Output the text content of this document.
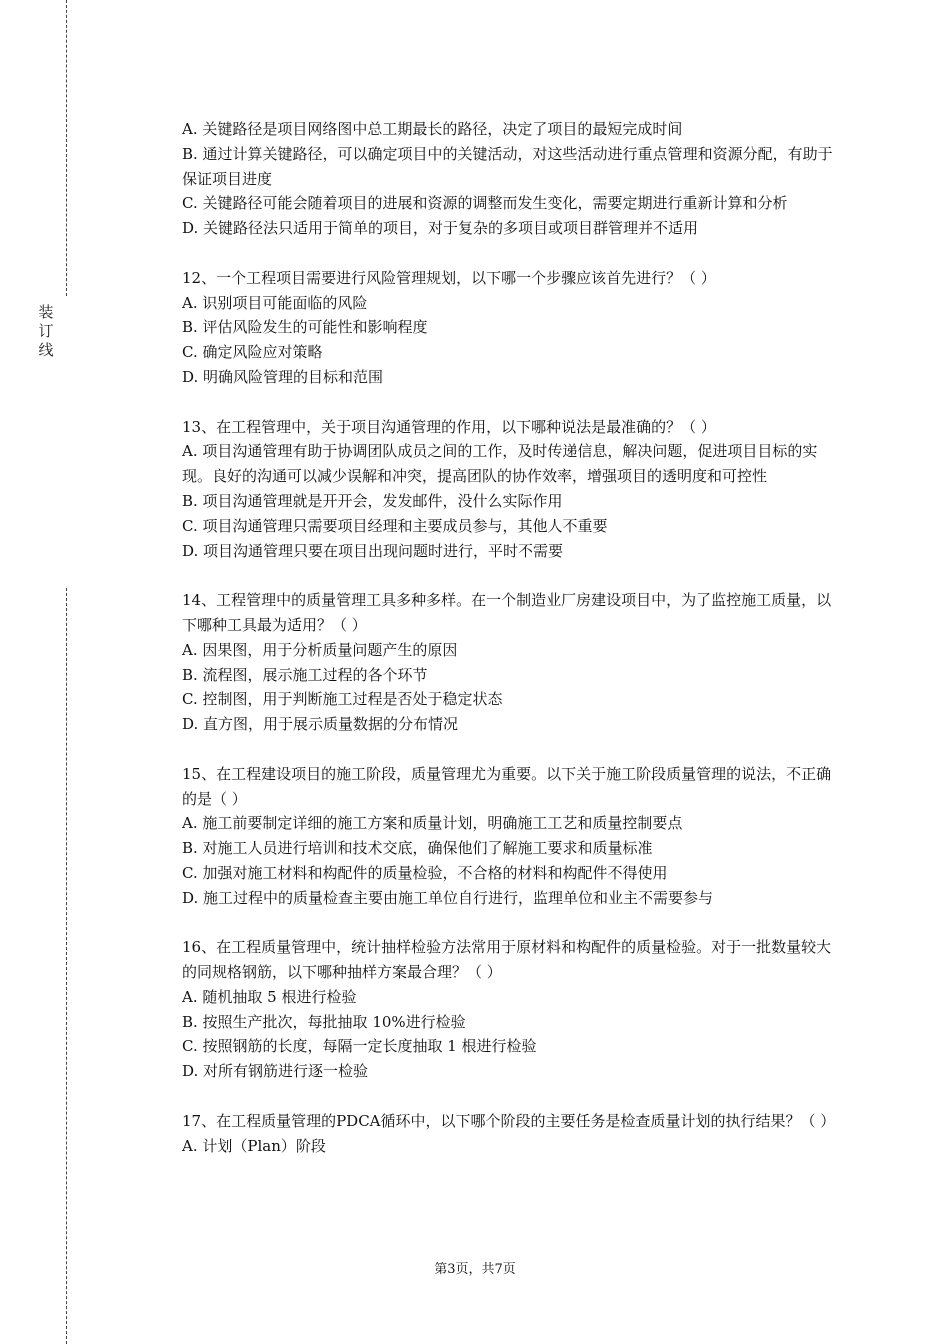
装
订
线

A. 关键路径是项目网络图中总工期最长的路径，决定了项目的最短完成时间

B. 通过计算关键路径，可以确定项目中的关键活动，对这些活动进行重点管理和资源分配，有助于保证项目进度

C. 关键路径可能会随着项目的进展和资源的调整而发生变化，需要定期进行重新计算和分析

D. 关键路径法只适用于简单的项目，对于复杂的多项目或项目群管理并不适用

12、一个工程项目需要进行风险管理规划，以下哪一个步骤应该首先进行？（ ）

A. 识别项目可能面临的风险

B. 评估风险发生的可能性和影响程度

C. 确定风险应对策略

D. 明确风险管理的目标和范围

13、在工程管理中，关于项目沟通管理的作用，以下哪种说法是最准确的？（ ）

A. 项目沟通管理有助于协调团队成员之间的工作，及时传递信息，解决问题，促进项目目标的实现。良好的沟通可以减少误解和冲突，提高团队的协作效率，增强项目的透明度和可控性

B. 项目沟通管理就是开开会，发发邮件，没什么实际作用

C. 项目沟通管理只需要项目经理和主要成员参与，其他人不重要

D. 项目沟通管理只要在项目出现问题时进行，平时不需要

14、工程管理中的质量管理工具多种多样。在一个制造业厂房建设项目中，为了监控施工质量，以下哪种工具最为适用？（ ）

A. 因果图，用于分析质量问题产生的原因

B. 流程图，展示施工过程的各个环节

C. 控制图，用于判断施工过程是否处于稳定状态

D. 直方图，用于展示质量数据的分布情况

15、在工程建设项目的施工阶段，质量管理尤为重要。以下关于施工阶段质量管理的说法，不正确的是（ ）

A. 施工前要制定详细的施工方案和质量计划，明确施工工艺和质量控制要点

B. 对施工人员进行培训和技术交底，确保他们了解施工要求和质量标准

C. 加强对施工材料和构配件的质量检验，不合格的材料和构配件不得使用

D. 施工过程中的质量检查主要由施工单位自行进行，监理单位和业主不需要参与

16、在工程质量管理中，统计抽样检验方法常用于原材料和构配件的质量检验。对于一批数量较大的同规格钢筋，以下哪种抽样方案最合理？（ ）

A. 随机抽取 5 根进行检验

B. 按照生产批次，每批抽取 10%进行检验

C. 按照钢筋的长度，每隔一定长度抽取 1 根进行检验

D. 对所有钢筋进行逐一检验

17、在工程质量管理的PDCA循环中，以下哪个阶段的主要任务是检查质量计划的执行结果？（ ）

A. 计划（Plan）阶段

第3页，共7页
